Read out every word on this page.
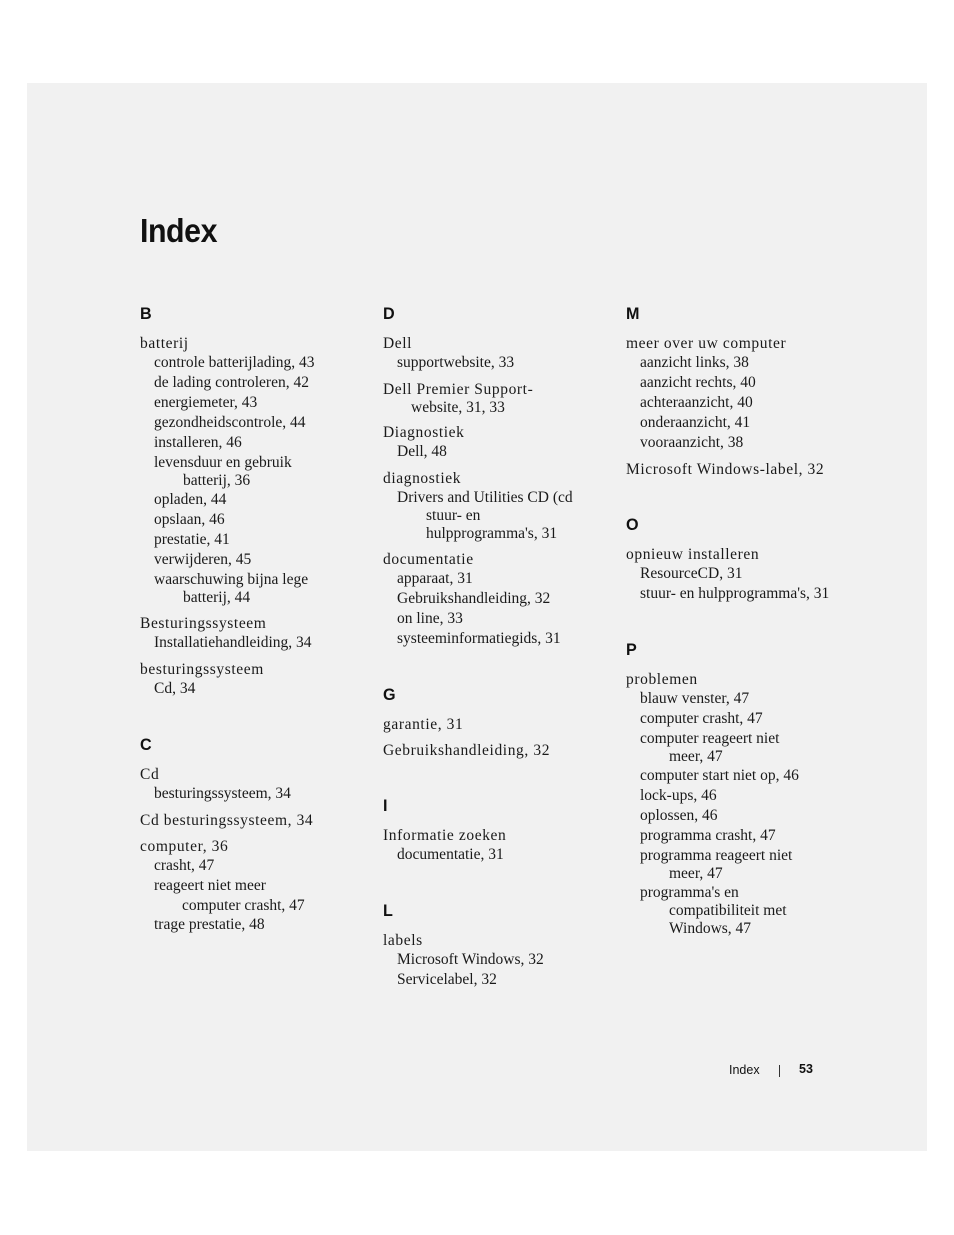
Index
B
batterij
controle batterijlading, 43
de lading controleren, 42
energiemeter, 43
gezondheidscontrole, 44
installeren, 46
levensduur en gebruik
batterij, 36
opladen, 44
opslaan, 46
prestatie, 41
verwijderen, 45
waarschuwing bijna lege
batterij, 44
Besturingssysteem
Installatiehandleiding, 34
besturingssysteem
Cd, 34
C
Cd
besturingssysteem, 34
Cd besturingssysteem, 34
computer, 36
crasht, 47
reageert niet meer
computer crasht, 47
trage prestatie, 48
D
Dell
supportwebsite, 33
Dell Premier Support-
website, 31, 33
Diagnostiek
Dell, 48
diagnostiek
Drivers and Utilities CD (cd
stuur- en
hulpprogramma's, 31
documentatie
apparaat, 31
Gebruikshandleiding, 32
on line, 33
systeeminformatiegids, 31
G
garantie, 31
Gebruikshandleiding, 32
I
Informatie zoeken
documentatie, 31
L
labels
Microsoft Windows, 32
Servicelabel, 32
M
meer over uw computer
aanzicht links, 38
aanzicht rechts, 40
achteraanzicht, 40
onderaanzicht, 41
vooraanzicht, 38
Microsoft Windows-label, 32
O
opnieuw installeren
ResourceCD, 31
stuur- en hulpprogramma's, 31
P
problemen
blauw venster, 47
computer crasht, 47
computer reageert niet
meer, 47
computer start niet op, 46
lock-ups, 46
oplossen, 46
programma crasht, 47
programma reageert niet
meer, 47
programma's en
compatibiliteit met
Windows, 47
Index	53
